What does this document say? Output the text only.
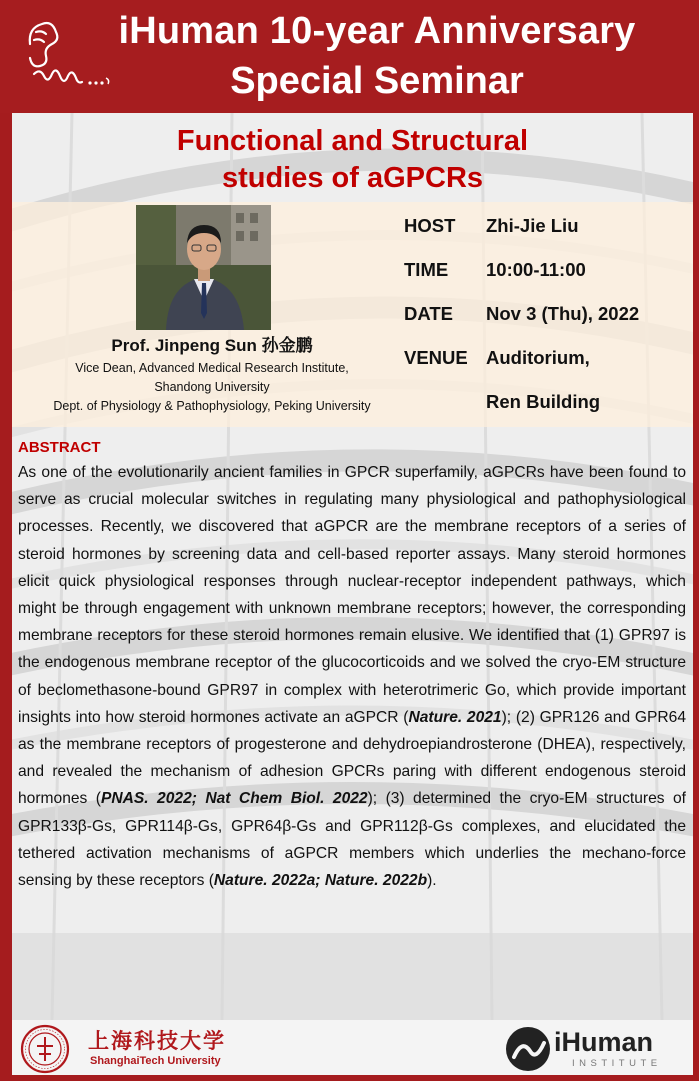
iHuman 10-year Anniversary
Special Seminar
Functional and Structural
studies of aGPCRs
Prof. Jinpeng Sun 孙金鹏
Vice Dean, Advanced Medical Research Institute,
Shandong University
Dept. of Physiology & Pathophysiology, Peking University
HOST Zhi-Jie Liu
TIME 10:00-11:00
DATE Nov 3 (Thu), 2022
VENUE Auditorium,
Ren Building
ABSTRACT
As one of the evolutionarily ancient families in GPCR superfamily, aGPCRs have been found to serve as crucial molecular switches in regulating many physiological and pathophysiological processes. Recently, we discovered that aGPCR are the membrane receptors of a series of steroid hormones by screening data and cell-based reporter assays. Many steroid hormones elicit quick physiological responses through nuclear-receptor independent pathways, which might be through engagement with unknown membrane receptors; however, the corresponding membrane receptors for these steroid hormones remain elusive. We identified that (1) GPR97 is the endogenous membrane receptor of the glucocorticoids and we solved the cryo-EM structure of beclomethasone-bound GPR97 in complex with heterotrimeric Go, which provide important insights into how steroid hormones activate an aGPCR (Nature. 2021); (2) GPR126 and GPR64 as the membrane receptors of progesterone and dehydroepiandrosterone (DHEA), respectively, and revealed the mechanism of adhesion GPCRs paring with different endogenous steroid hormones (PNAS. 2022; Nat Chem Biol. 2022); (3) determined the cryo-EM structures of GPR133β-Gs, GPR114β-Gs, GPR64β-Gs and GPR112β-Gs complexes, and elucidated the tethered activation mechanisms of aGPCR members which underlies the mechano-force sensing by these receptors (Nature. 2022a; Nature. 2022b).
上海科技大学
ShanghaiTech University
iHuman
INSTITUTE
